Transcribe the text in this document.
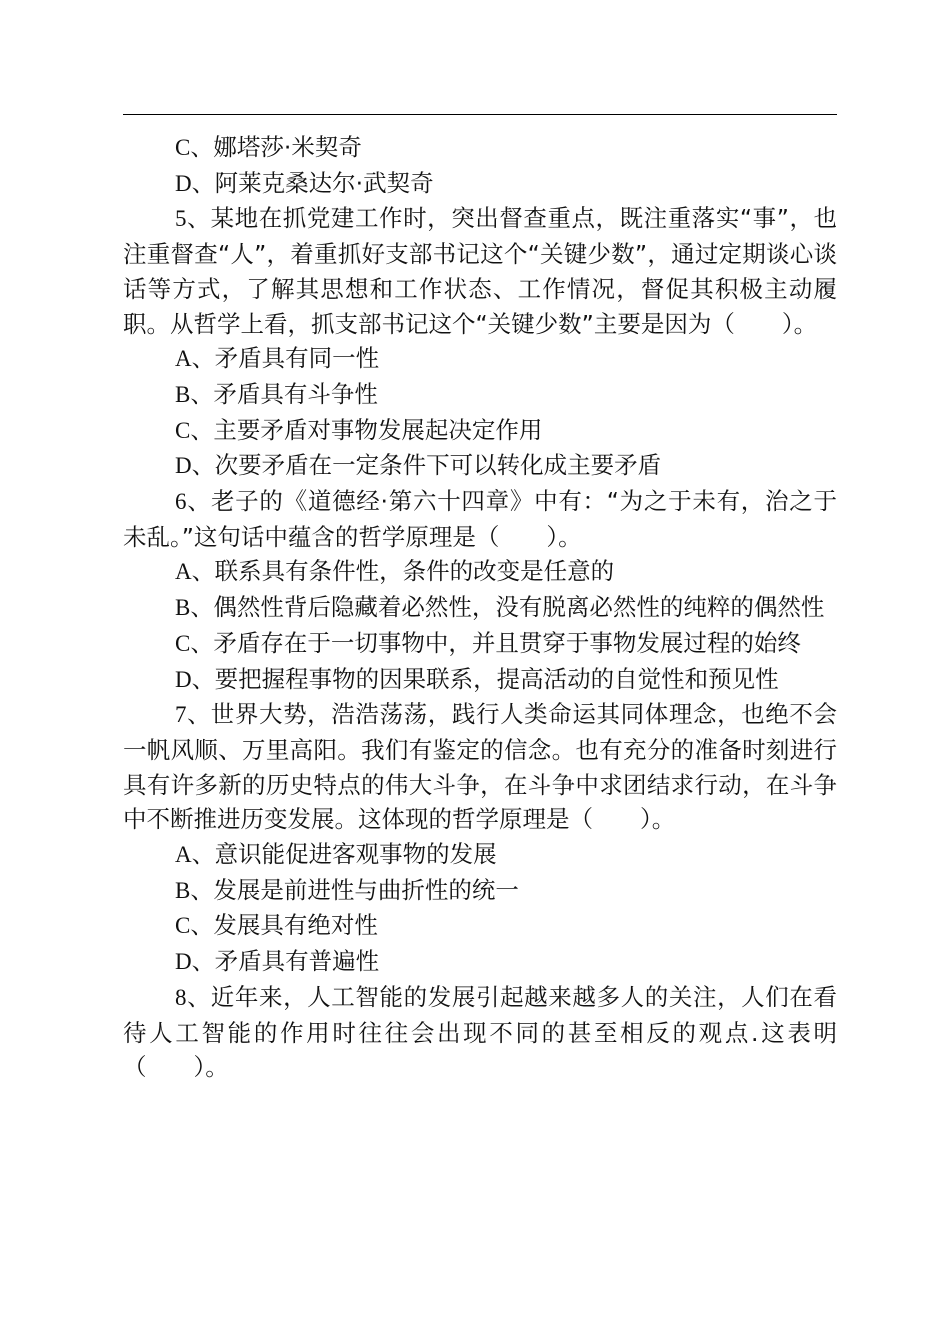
C、娜塔莎·米契奇

D、阿莱克桑达尔·武契奇

5、某地在抓党建工作时，突出督查重点，既注重落实“事”，也注重督查“人”，着重抓好支部书记这个“关键少数”，通过定期谈心谈话等方式，了解其思想和工作状态、工作情况，督促其积极主动履职。从哲学上看，抓支部书记这个“关键少数”主要是因为（　　）。

A、矛盾具有同一性

B、矛盾具有斗争性

C、主要矛盾对事物发展起决定作用

D、次要矛盾在一定条件下可以转化成主要矛盾

6、老子的《道德经·第六十四章》中有：“为之于未有，治之于未乱。”这句话中蕴含的哲学原理是（　　）。

A、联系具有条件性，条件的改变是任意的

B、偶然性背后隐藏着必然性，没有脱离必然性的纯粹的偶然性

C、矛盾存在于一切事物中，并且贯穿于事物发展过程的始终

D、要把握程事物的因果联系，提高活动的自觉性和预见性

7、世界大势，浩浩荡荡，践行人类命运其同体理念，也绝不会一帆风顺、万里高阳。我们有鉴定的信念。也有充分的准备时刻进行具有许多新的历史特点的伟大斗争，在斗争中求团结求行动，在斗争中不断推进历变发展。这体现的哲学原理是（　　）。

A、意识能促进客观事物的发展

B、发展是前进性与曲折性的统一

C、发展具有绝对性

D、矛盾具有普遍性

8、近年来，人工智能的发展引起越来越多人的关注，人们在看待人工智能的作用时往往会出现不同的甚至相反的观点.这表明（　　）。
